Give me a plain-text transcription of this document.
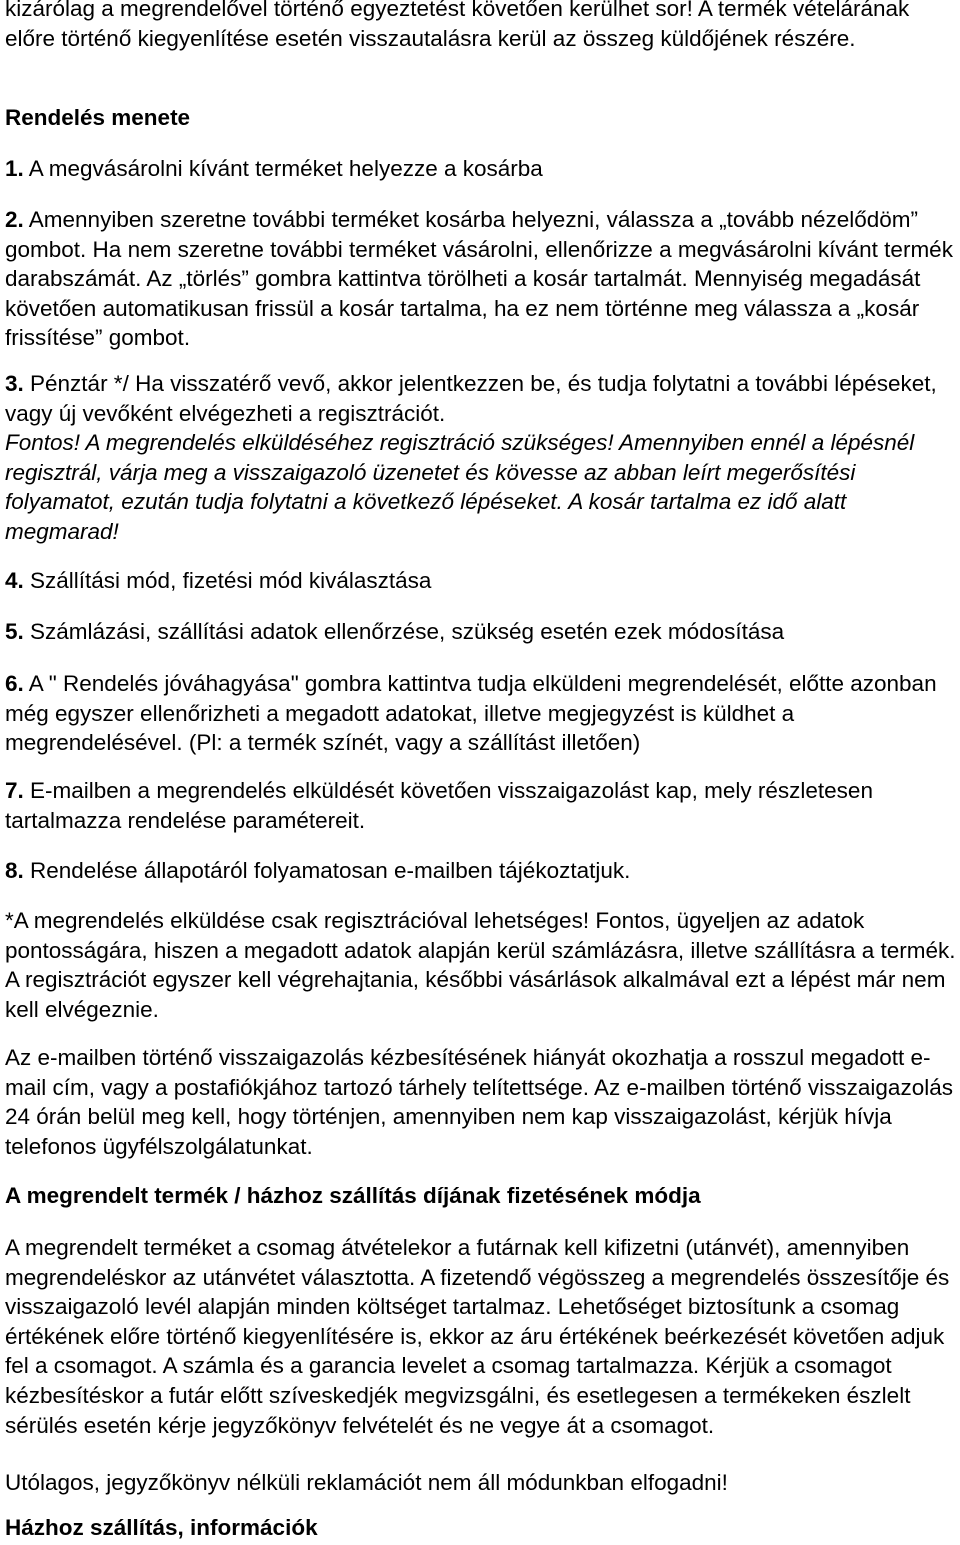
kizárólag a megrendelővel történő egyeztetést követően kerülhet sor! A termék vételárának előre történő kiegyenlítése esetén visszautalásra kerül az összeg küldőjének részére.

Rendelés menete

1. A megvásárolni kívánt terméket helyezze a kosárba

2. Amennyiben szeretne további terméket kosárba helyezni, válassza a „tovább nézelődöm” gombot. Ha nem szeretne további terméket vásárolni, ellenőrizze a megvásárolni kívánt termék darabszámát. Az „törlés” gombra kattintva törölheti a kosár tartalmát. Mennyiség megadását követően automatikusan frissül a kosár tartalma, ha ez nem történne meg válassza a „kosár frissítése” gombot.

3. Pénztár */ Ha visszatérő vevő, akkor jelentkezzen be, és tudja folytatni a további lépéseket, vagy új vevőként elvégezheti a regisztrációt.

Fontos! A megrendelés elküldéséhez regisztráció szükséges! Amennyiben ennél a lépésnél regisztrál, várja meg a visszaigazoló üzenetet és kövesse az abban leírt megerősítési folyamatot, ezután tudja folytatni a következő lépéseket. A kosár tartalma ez idő alatt megmarad!

4. Szállítási mód, fizetési mód kiválasztása

5. Számlázási, szállítási adatok ellenőrzése, szükség esetén ezek módosítása

6. A " Rendelés jóváhagyása" gombra kattintva tudja elküldeni megrendelését, előtte azonban még egyszer ellenőrizheti a megadott adatokat, illetve megjegyzést is küldhet a megrendelésével. (Pl: a termék színét, vagy a szállítást illetően)

7. E-mailben a megrendelés elküldését követően visszaigazolást kap, mely részletesen tartalmazza rendelése paramétereit.

8. Rendelése állapotáról folyamatosan e-mailben tájékoztatjuk.

*A megrendelés elküldése csak regisztrációval lehetséges! Fontos, ügyeljen az adatok pontosságára, hiszen a megadott adatok alapján kerül számlázásra, illetve szállításra a termék. A regisztrációt egyszer kell végrehajtania, későbbi vásárlások alkalmával ezt a lépést már nem kell elvégeznie.

Az e-mailben történő visszaigazolás kézbesítésének hiányát okozhatja a rosszul megadott e-mail cím, vagy a postafiókjához tartozó tárhely telítettsége. Az e-mailben történő visszaigazolás 24 órán belül meg kell, hogy történjen, amennyiben nem kap visszaigazolást, kérjük hívja telefonos ügyfélszolgálatunkat.

A megrendelt termék / házhoz szállítás díjának fizetésének módja

A megrendelt terméket a csomag átvételekor a futárnak kell kifizetni (utánvét), amennyiben megrendeléskor az utánvétet választotta. A fizetendő végösszeg a megrendelés összesítője és visszaigazoló levél alapján minden költséget tartalmaz. Lehetőséget biztosítunk a csomag értékének előre történő kiegyenlítésére is, ekkor az áru értékének beérkezését követően adjuk fel a csomagot. A számla és a garancia levelet a csomag tartalmazza. Kérjük a csomagot kézbesítéskor a futár előtt szíveskedjék megvizsgálni, és esetlegesen a termékeken észlelt sérülés esetén kérje jegyzőkönyv felvételét és ne vegye át a csomagot.

Utólagos, jegyzőkönyv nélküli reklamációt nem áll módunkban elfogadni!

Házhoz szállítás, információk
